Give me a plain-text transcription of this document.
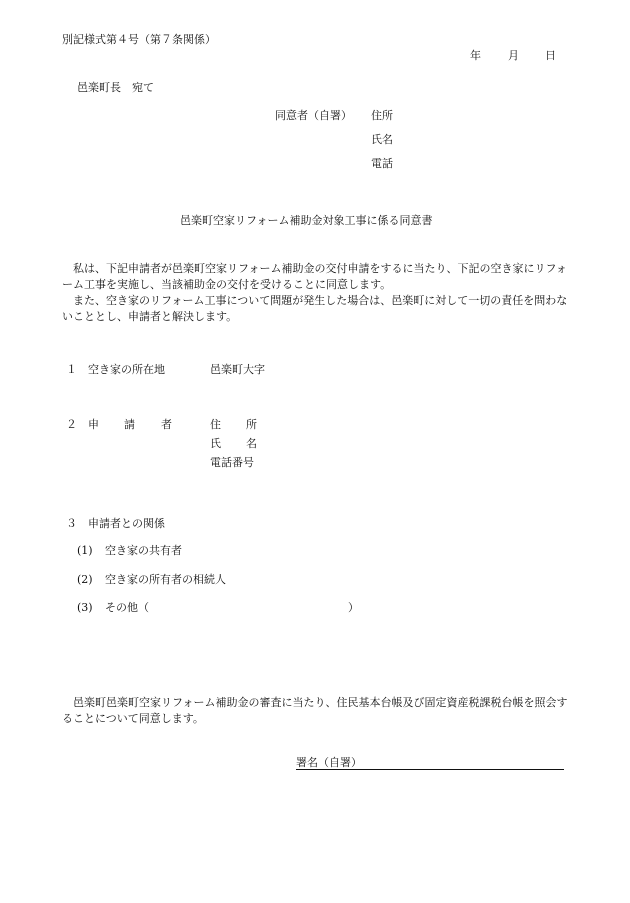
別記様式第４号（第７条関係）
年 月 日
邑楽町長　宛て
同意者（自署） 住所
氏名
電話
邑楽町空家リフォーム補助金対象工事に係る同意書

私は、下記申請者が邑楽町空家リフォーム補助金の交付申請をするに当たり、下記の空き家にリフォーム工事を実施し、当該補助金の交付を受けることに同意します。

また、空き家のリフォーム工事について問題が発生した場合は、邑楽町に対して一切の責任を問わないこととし、申請者と解決します。

１ 空き家の所在地	邑楽町大字
２ 申 請 者	住 所
氏 名
電話番号
３ 申請者との関係
(1) 空き家の共有者
(2) 空き家の所有者の相続人
(3) その他（	）

邑楽町邑楽町空家リフォーム補助金の審査に当たり、住民基本台帳及び固定資産税課税台帳を照会することについて同意します。

署名（自署）
